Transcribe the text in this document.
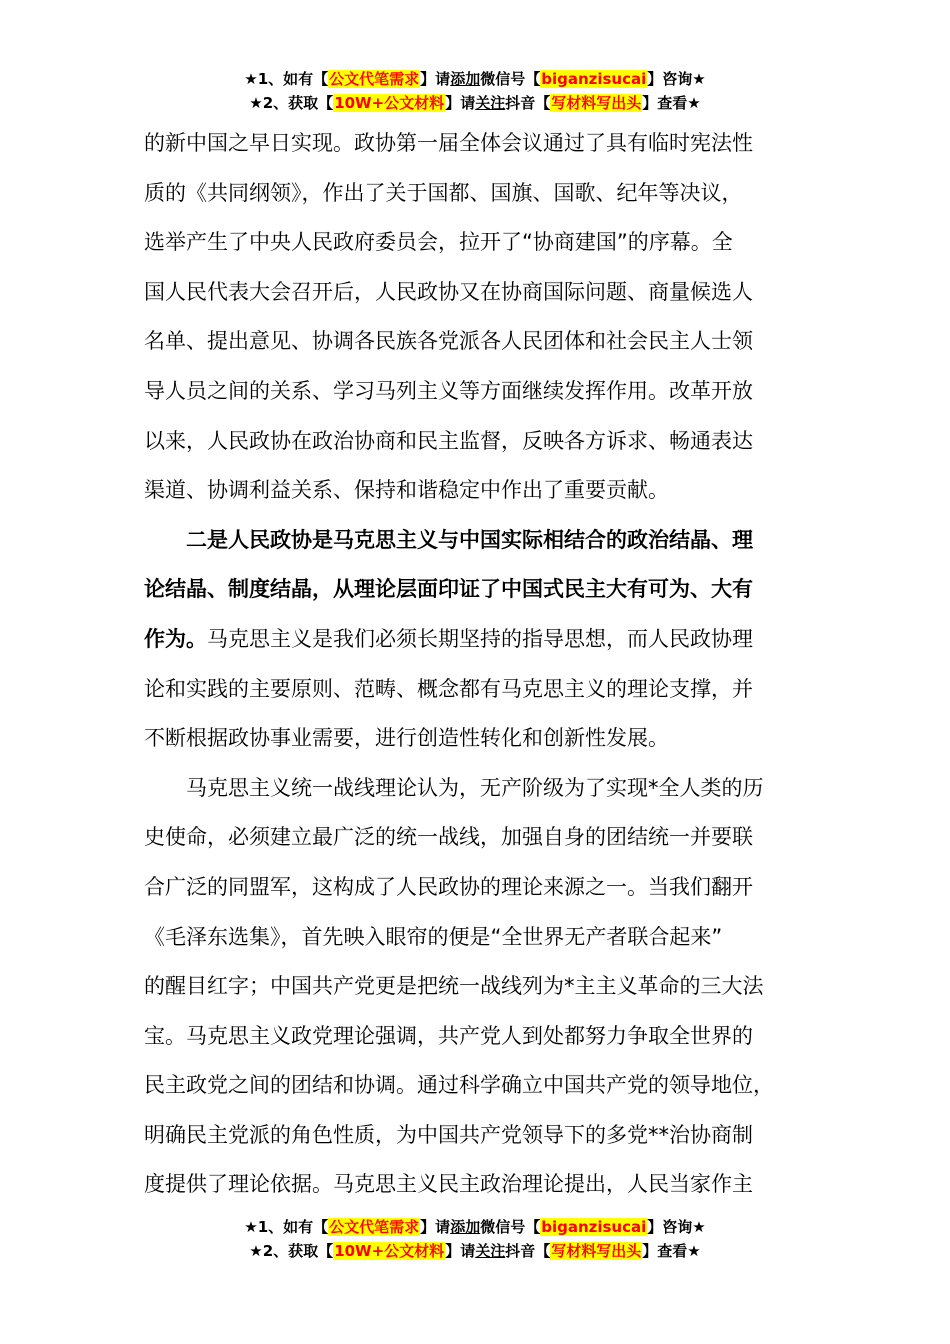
★1、如有【公文代笔需求】请添加微信号【biganzisucai】咨询★
★2、获取【10W+公文材料】请关注抖音【写材料写出头】查看★

的新中国之早日实现。政协第一届全体会议通过了具有临时宪法性
质的《共同纲领》，作出了关于国都、国旗、国歌、纪年等决议，
选举产生了中央人民政府委员会，拉开了“协商建国”的序幕。全
国人民代表大会召开后，人民政协又在协商国际问题、商量候选人
名单、提出意见、协调各民族各党派各人民团体和社会民主人士领
导人员之间的关系、学习马列主义等方面继续发挥作用。改革开放
以来，人民政协在政治协商和民主监督，反映各方诉求、畅通表达
渠道、协调利益关系、保持和谐稳定中作出了重要贡献。

　　二是人民政协是马克思主义与中国实际相结合的政治结晶、理
论结晶、制度结晶，从理论层面印证了中国式民主大有可为、大有
作为。马克思主义是我们必须长期坚持的指导思想，而人民政协理
论和实践的主要原则、范畴、概念都有马克思主义的理论支撑，并
不断根据政协事业需要，进行创造性转化和创新性发展。

　　马克思主义统一战线理论认为，无产阶级为了实现*全人类的历
史使命，必须建立最广泛的统一战线，加强自身的团结统一并要联
合广泛的同盟军，这构成了人民政协的理论来源之一。当我们翻开
《毛泽东选集》，首先映入眼帘的便是“全世界无产者联合起来”
的醒目红字；中国共产党更是把统一战线列为*主主义革命的三大法
宝。马克思主义政党理论强调，共产党人到处都努力争取全世界的
民主政党之间的团结和协调。通过科学确立中国共产党的领导地位，
明确民主党派的角色性质，为中国共产党领导下的多党**治协商制
度提供了理论依据。马克思主义民主政治理论提出，人民当家作主

★1、如有【公文代笔需求】请添加微信号【biganzisucai】咨询★
★2、获取【10W+公文材料】请关注抖音【写材料写出头】查看★
